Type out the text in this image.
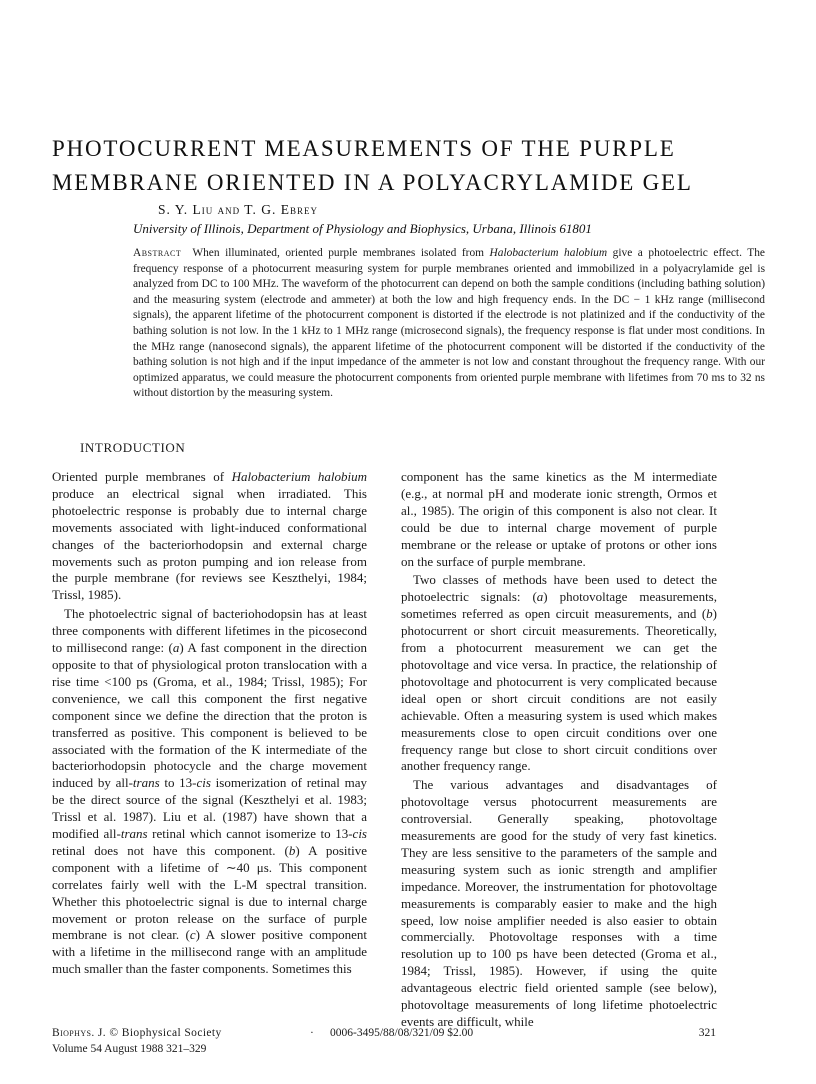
PHOTOCURRENT MEASUREMENTS OF THE PURPLE MEMBRANE ORIENTED IN A POLYACRYLAMIDE GEL
S. Y. Liu and T. G. Ebrey
University of Illinois, Department of Physiology and Biophysics, Urbana, Illinois 61801

Abstract When illuminated, oriented purple membranes isolated from Halobacterium halobium give a photoelectric effect. The frequency response of a photocurrent measuring system for purple membranes oriented and immobilized in a polyacrylamide gel is analyzed from DC to 100 MHz. The waveform of the photocurrent can depend on both the sample conditions (including bathing solution) and the measuring system (electrode and ammeter) at both the low and high frequency ends. In the DC − 1 kHz range (millisecond signals), the apparent lifetime of the photocurrent component is distorted if the electrode is not platinized and if the conductivity of the bathing solution is not low. In the 1 kHz to 1 MHz range (microsecond signals), the frequency response is flat under most conditions. In the MHz range (nanosecond signals), the apparent lifetime of the photocurrent component will be distorted if the conductivity of the bathing solution is not high and if the input impedance of the ammeter is not low and constant throughout the frequency range. With our optimized apparatus, we could measure the photocurrent components from oriented purple membrane with lifetimes from 70 ms to 32 ns without distortion by the measuring system.

INTRODUCTION

Oriented purple membranes of Halobacterium halobium produce an electrical signal when irradiated. This photoelectric response is probably due to internal charge movements associated with light-induced conformational changes of the bacteriorhodopsin and external charge movements such as proton pumping and ion release from the purple membrane (for reviews see Keszthelyi, 1984; Trissl, 1985).

The photoelectric signal of bacteriohodopsin has at least three components with different lifetimes in the picosecond to millisecond range: (a) A fast component in the direction opposite to that of physiological proton translocation with a rise time <100 ps (Groma, et al., 1984; Trissl, 1985); For convenience, we call this component the first negative component since we define the direction that the proton is transferred as positive. This component is believed to be associated with the formation of the K intermediate of the bacteriorhodopsin photocycle and the charge movement induced by all-trans to 13-cis isomerization of retinal may be the direct source of the signal (Keszthelyi et al. 1983; Trissl et al. 1987). Liu et al. (1987) have shown that a modified all-trans retinal which cannot isomerize to 13-cis retinal does not have this component. (b) A positive component with a lifetime of ∼40 μs. This component correlates fairly well with the L-M spectral transition. Whether this photoelectric signal is due to internal charge movement or proton release on the surface of purple membrane is not clear. (c) A slower positive component with a lifetime in the millisecond range with an amplitude much smaller than the faster components. Sometimes this

component has the same kinetics as the M intermediate (e.g., at normal pH and moderate ionic strength, Ormos et al., 1985). The origin of this component is also not clear. It could be due to internal charge movement of purple membrane or the release or uptake of protons or other ions on the surface of purple membrane.

Two classes of methods have been used to detect the photoelectric signals: (a) photovoltage measurements, sometimes referred as open circuit measurements, and (b) photocurrent or short circuit measurements. Theoretically, from a photocurrent measurement we can get the photovoltage and vice versa. In practice, the relationship of photovoltage and photocurrent is very complicated because ideal open or short circuit conditions are not easily achievable. Often a measuring system is used which makes measurements close to open circuit conditions over one frequency range but close to short circuit conditions over another frequency range.

The various advantages and disadvantages of photovoltage versus photocurrent measurements are controversial. Generally speaking, photovoltage measurements are good for the study of very fast kinetics. They are less sensitive to the parameters of the sample and measuring system such as ionic strength and amplifier impedance. Moreover, the instrumentation for photovoltage measurements is comparably easier to make and the high speed, low noise amplifier needed is also easier to obtain commercially. Photovoltage responses with a time resolution up to 100 ps have been detected (Groma et al., 1984; Trissl, 1985). However, if using the quite advantageous electric field oriented sample (see below), photovoltage measurements of long lifetime photoelectric events are difficult, while

Biophys. J. © Biophysical Society	· 0006-3495/88/08/321/09 $2.00	321
Volume 54 August 1988 321–329
